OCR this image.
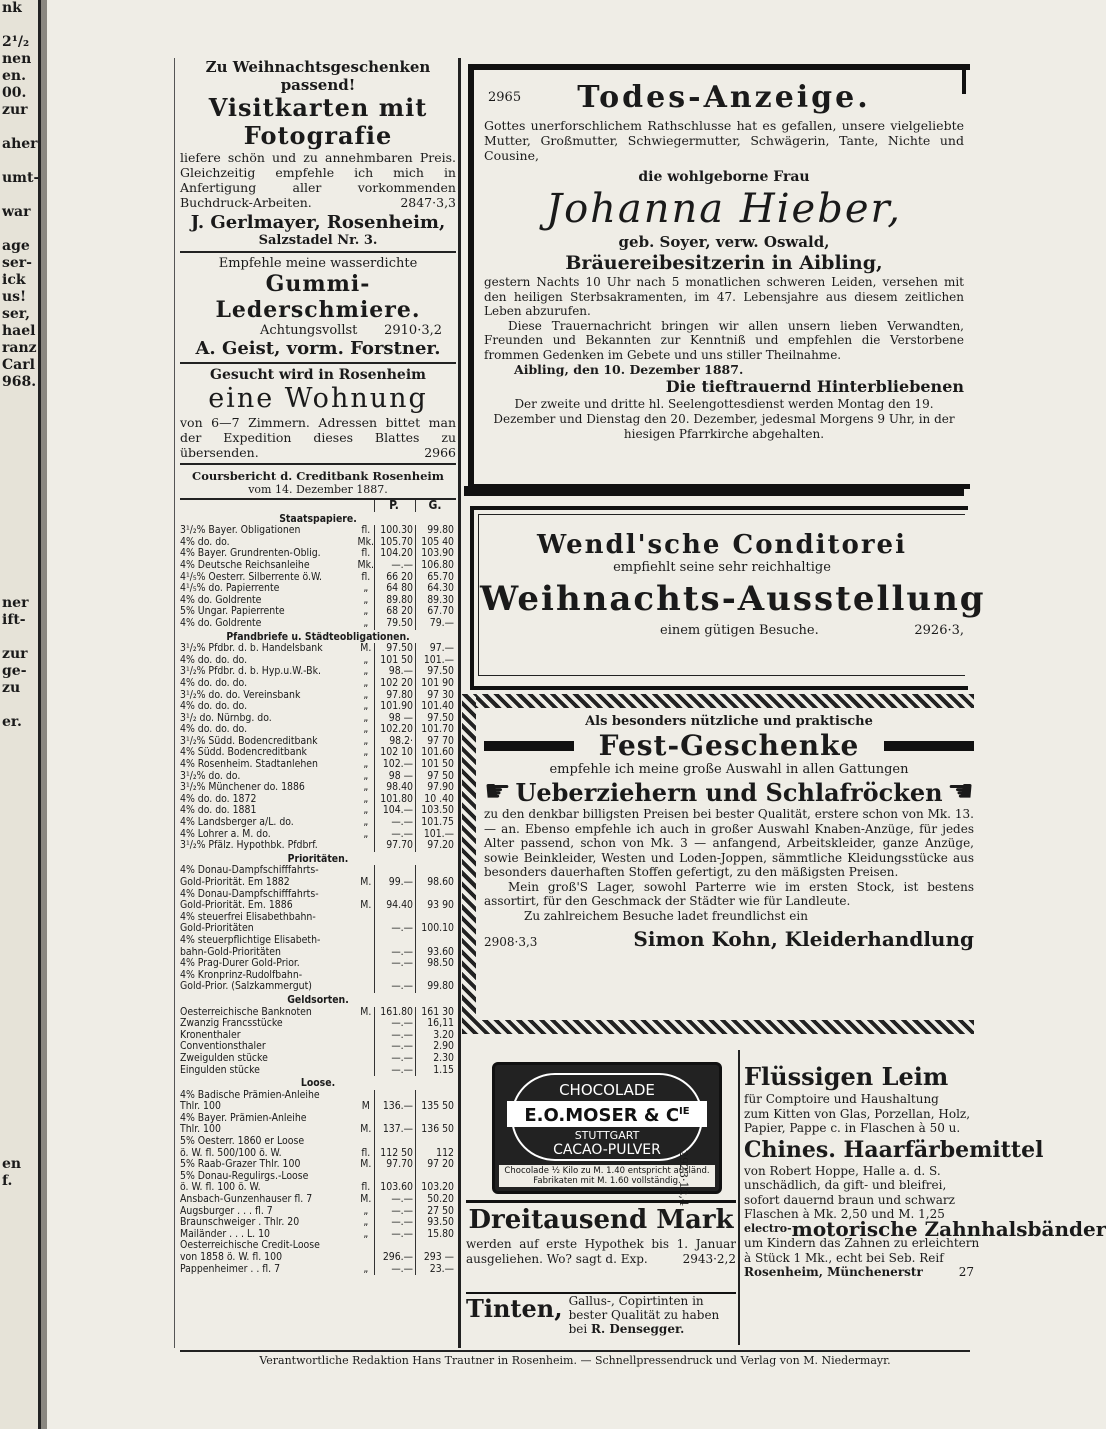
nk

2¹/₂
nen
en.
00.
zur

aher

umt-

war

age
ser-
ick
us!
ser,
hael
ranz
Carl
968.

ner
ift-

zur
ge-
zu

er.

en
f.
Zu Weihnachtsgeschenken passend!
Visitkarten mit Fotografie
liefere schön und zu annehmbaren Preis. Gleichzeitig empfehle ich mich in Anfertigung aller vorkommenden Buchdruck-Arbeiten.	2847·3,3
J. Gerlmayer, Rosenheim,
Salzstadel Nr. 3.
Empfehle meine wasserdichte
Gummi-Lederschmiere.
Achtungsvollst 2910·3,2
A. Geist, vorm. Forstner.
Gesucht wird in Rosenheim
eine Wohnung
von 6—7 Zimmern. Adressen bittet man der Expedition dieses Blattes zu übersenden.	2966
Coursbericht d. Creditbank Rosenheim
vom 14. Dezember 1887.
		P.	G.
Staatspapiere.			
3¹/₂% Bayer. Obligationen	fl.	100.30	99.80
4% do. do.	Mk.	105.70	105 40
4% Bayer. Grundrenten-Oblig.	fl.	104.20	103.90
4% Deutsche Reichsanleihe	Mk.	—.—	106.80
4¹/₅% Oesterr. Silberrente ö.W.	fl.	66 20	65.70
4¹/₅% do. Papierrente	„	64 80	64.30
4% do. Goldrente	„	89.80	89.30
5% Ungar. Papierrente	„	68 20	67.70
4% do. Goldrente	„	79.50	79.—
Pfandbriefe u. Städteobligationen.			
3¹/₂% Pfdbr. d. b. Handelsbank	M.	97.50	97.—
4% do. do. do.	„	101 50	101.—
3¹/₂% Pfdbr. d. b. Hyp.u.W.-Bk.	„	98.—	97.50
4% do. do. do.	„	102 20	101 90
3¹/₂% do. do. Vereinsbank	„	97.80	97 30
4% do. do. do.	„	101.90	101.40
3¹/₂ do. Nürnbg. do.	„	98 —	97.50
4% do. do. do.	„	102.20	101.70
3¹/₂% Südd. Bodencreditbank	„	98.2·	97 70
4% Südd. Bodencreditbank	„	102 10	101.60
4% Rosenheim. Stadtanlehen	„	102.—	101 50
3¹/₂% do. do.	„	98 —	97 50
3¹/₂% Münchener do. 1886	„	98.40	97.90
4% do. do. 1872	„	101.80	10 .40
4% do. do. 1881	„	104.—	103.50
4% Landsberger a/L. do.	„	—.—	101.75
4% Lohrer a. M. do.	„	—.—	101.—
3¹/₂% Pfälz. Hypothbk. Pfdbrf.		97.70	97.20
Prioritäten.			
4% Donau-Dampfschifffahrts-			
Gold-Priorität. Em 1882	M.	99.—	98.60
4% Donau-Dampfschifffahrts-			
Gold-Priorität. Em. 1886	M.	94.40	93 90
4% steuerfrei Elisabethbahn-			
Gold-Prioritäten		—.—	100.10
4% steuerpflichtige Elisabeth-			
bahn-Gold-Prioritäten		—.—	93.60
4% Prag-Durer Gold-Prior.		—.—	98.50
4% Kronprinz-Rudolfbahn-			
Gold-Prior. (Salzkammergut)		—.—	99.80
Geldsorten.			
Oesterreichische Banknoten	M.	161.80	161 30
Zwanzig Francsstücke		—.—	16,11
Kronenthaler		—.—	3.20
Conventionsthaler		—.—	2.90
Zweigulden stücke		—.—	2.30
Eingulden stücke		—.—	1.15
Loose.			
4% Badische Prämien-Anleihe			
Thlr. 100	M	136.—	135 50
4% Bayer. Prämien-Anleihe			
Thlr. 100	M.	137.—	136 50
5% Oesterr. 1860 er Loose			
ö. W. fl. 500/100 ö. W.	fl.	112 50	112
5% Raab-Grazer Thlr. 100	M.	97.70	97 20
5% Donau-Regulirgs.-Loose			
ö. W. fl. 100 ö. W.	fl.	103.60	103.20
Ansbach-Gunzenhauser fl. 7	M.	—.—	50.20
Augsburger . . . fl. 7	„	—.—	27 50
Braunschweiger . Thlr. 20	„	—.—	93.50
Mailänder . . . L. 10	„	—.—	15.80
Oesterreichische Credit-Loose			
von 1858 ö. W. fl. 100		296.—	293 —
Pappenheimer . . fl. 7	„	—.—	23.—
2965	Todes-Anzeige.
Gottes unerforschlichem Rathschlusse hat es gefallen, unsere vielgeliebte Mutter, Großmutter, Schwiegermutter, Schwägerin, Tante, Nichte und Cousine,
die wohlgeborne Frau
Johanna Hieber,
geb. Soyer, verw. Oswald,
Bräuereibesitzerin in Aibling,
gestern Nachts 10 Uhr nach 5 monatlichen schweren Leiden, versehen mit den heiligen Sterbsakramenten, im 47. Lebensjahre aus diesem zeitlichen Leben abzurufen.
Diese Trauernachricht bringen wir allen unsern lieben Verwandten, Freunden und Bekannten zur Kenntniß und empfehlen die Verstorbene frommen Gedenken im Gebete und uns stiller Theilnahme.
Aibling, den 10. Dezember 1887.
Die tieftrauernd Hinterbliebenen
Der zweite und dritte hl. Seelengottesdienst werden Montag den 19. Dezember und Dienstag den 20. Dezember, jedesmal Morgens 9 Uhr, in der hiesigen Pfarrkirche abgehalten.
Wendl'sche Conditorei
empfiehlt seine sehr reichhaltige
Weihnachts-Ausstellung
einem gütigen Besuche.	2926·3,
Als besonders nützliche und praktische
Fest-Geschenke
empfehle ich meine große Auswahl in allen Gattungen
☛ Ueberziehern und Schlafröcken ☚
zu den denkbar billigsten Preisen bei bester Qualität, erstere schon von Mk. 13.— an. Ebenso empfehle ich auch in großer Auswahl Knaben-Anzüge, für jedes Alter passend, schon von Mk. 3 — anfangend, Arbeitskleider, ganze Anzüge, sowie Beinkleider, Westen und Loden-Joppen, sämmtliche Kleidungsstücke aus besonders dauerhaften Stoffen gefertigt, zu den mäßigsten Preisen.
Mein groß'S Lager, sowohl Parterre wie im ersten Stock, ist bestens assortirt, für den Geschmack der Städter wie für Landleute.
Zu zahlreichem Besuche ladet freundlichst ein
2908·3,3	Simon Kohn, Kleiderhandlung
CHOCOLADE
E.O.MOSER & $C^{IE}$
STUTTGART
CACAO-PULVER
Chocolade ½ Kilo zu M. 1.40 entspricht ausländ. Fabrikaten mit M. 1.60 vollständig.
2923·12,4
Dreitausend Mark
werden auf erste Hypothek bis 1. Januar ausgeliehen. Wo? sagt d. Exp.	2943·2,2
Tinten, Gallus-, Copirtinten in bester Qualität zu haben bei R. Densegger.
Flüssigen Leim
für Comptoire und Haushaltung
zum Kitten von Glas, Porzellan, Holz,
Papier, Pappe c. in Flaschen à 50 u.
Chines. Haarfärbemittel
von Robert Hoppe, Halle a. d. S.
unschädlich, da gift- und bleifrei,
sofort dauernd braun und schwarz
Flaschen à Mk. 2,50 und M. 1,25
electro- motorische Zahnhalsbänder
um Kindern das Zahnen zu erleichtern
à Stück 1 Mk., echt bei Seb. Reif
Rosenheim, Münchenerstr	27
Verantwortliche Redaktion Hans Trautner in Rosenheim. — Schnellpressendruck und Verlag von M. Niedermayr.
